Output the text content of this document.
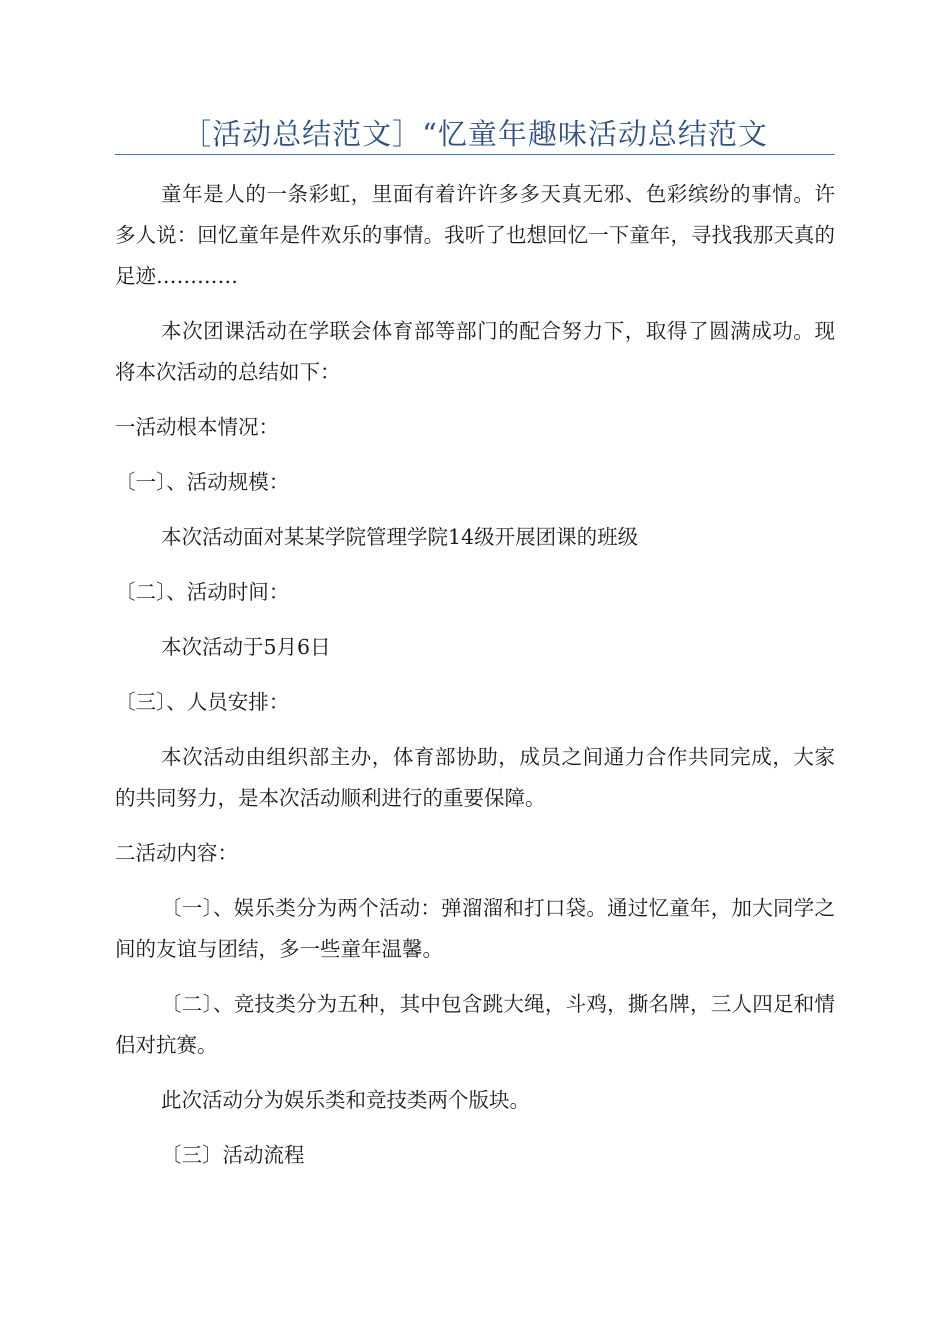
［活动总结范文］“忆童年趣味活动总结范文

童年是人的一条彩虹，里面有着许许多多天真无邪、色彩缤纷的事情。许多人说：回忆童年是件欢乐的事情。我听了也想回忆一下童年，寻找我那天真的足迹…………

本次团课活动在学联会体育部等部门的配合努力下，取得了圆满成功。现将本次活动的总结如下：

一活动根本情况：

〔一〕、活动规模：

本次活动面对某某学院管理学院14级开展团课的班级

〔二〕、活动时间：

本次活动于5月6日

〔三〕、人员安排：

本次活动由组织部主办，体育部协助，成员之间通力合作共同完成，大家的共同努力，是本次活动顺利进行的重要保障。

二活动内容：

〔一〕、娱乐类分为两个活动：弹溜溜和打口袋。通过忆童年，加大同学之间的友谊与团结，多一些童年温馨。

〔二〕、竞技类分为五种，其中包含跳大绳，斗鸡，撕名牌，三人四足和情侣对抗赛。

此次活动分为娱乐类和竞技类两个版块。

〔三〕活动流程
